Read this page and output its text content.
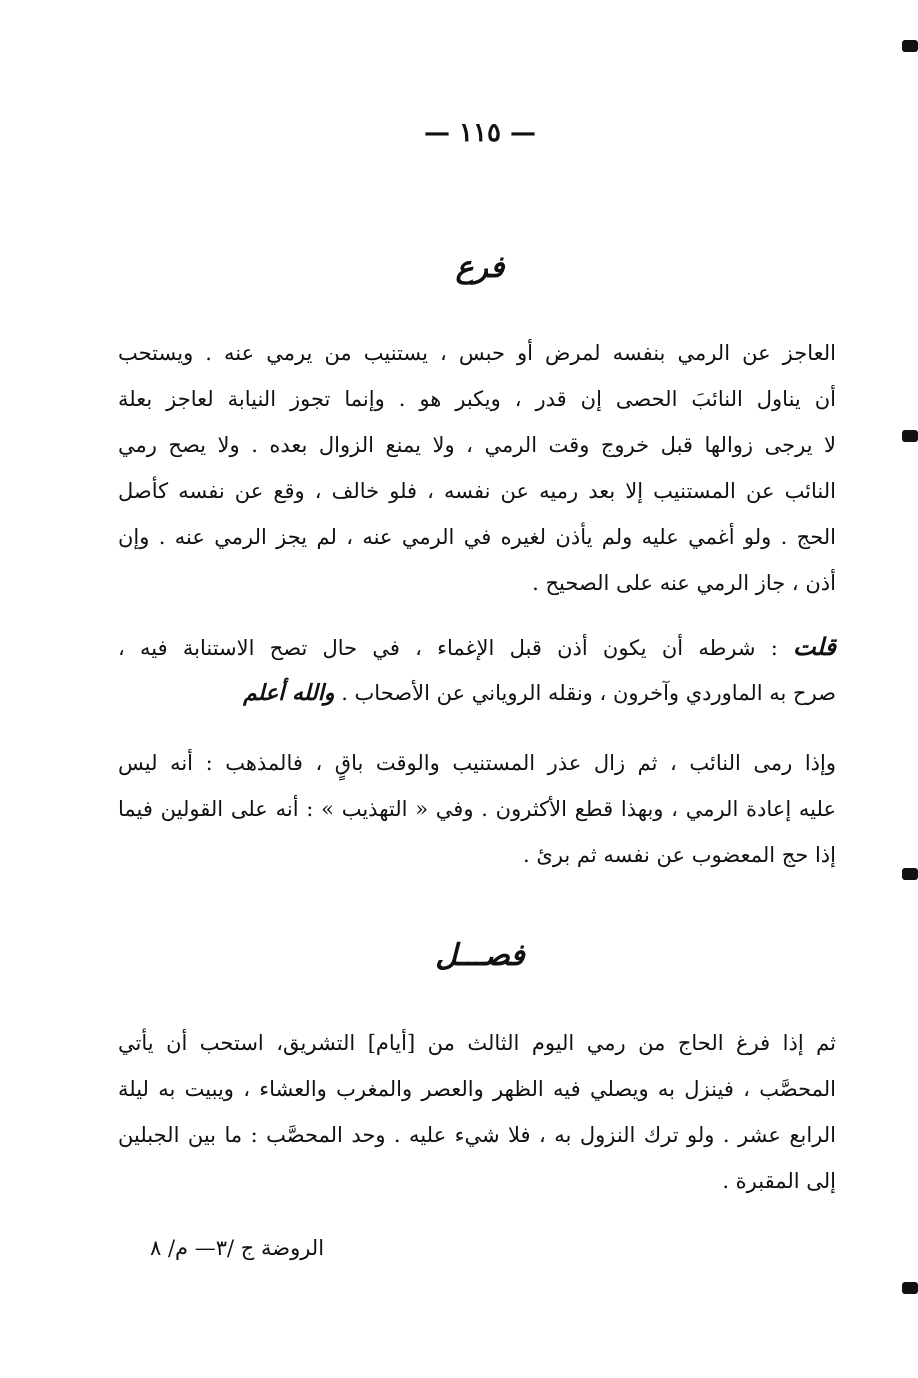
— ١١٥ —
فرع
العاجز عن الرمي بنفسه لمرض أو حبس ، يستنيب من يرمي عنه . ويستحب
أن يناول النائبَ الحصى إن قدر ، ويكبر هو . وإنما تجوز النيابة لعاجز بعلة
لا يرجى زوالها قبل خروج وقت الرمي ، ولا يمنع الزوال بعده . ولا يصح رمي
النائب عن المستنيب إلا بعد رميه عن نفسه ، فلو خالف ، وقع عن نفسه كأصل
الحج . ولو أغمي عليه ولم يأذن لغيره في الرمي عنه ، لم يجز الرمي عنه . وإن
أذن ، جاز الرمي عنه على الصحيح .
قلت : شرطه أن يكون أذن قبل الإغماء ، في حال تصح الاستنابة فيه ،
صرح به الماوردي وآخرون ، ونقله الروياني عن الأصحاب . والله أعلم
وإذا رمى النائب ، ثم زال عذر المستنيب والوقت باقٍ ، فالمذهب : أنه ليس
عليه إعادة الرمي ، وبهذا قطع الأكثرون . وفي « التهذيب » : أنه على القولين فيما
إذا حج المعضوب عن نفسه ثم برئ .
فصـــل
ثم إذا فرغ الحاج من رمي اليوم الثالث من [أيام] التشريق، استحب أن يأتي
المحصَّب ، فينزل به ويصلي فيه الظهر والعصر والمغرب والعشاء ، ويبيت به ليلة
الرابع عشر . ولو ترك النزول به ، فلا شيء عليه . وحد المحصَّب : ما بين الجبلين
إلى المقبرة .
الروضة ج /٣— م/ ٨
